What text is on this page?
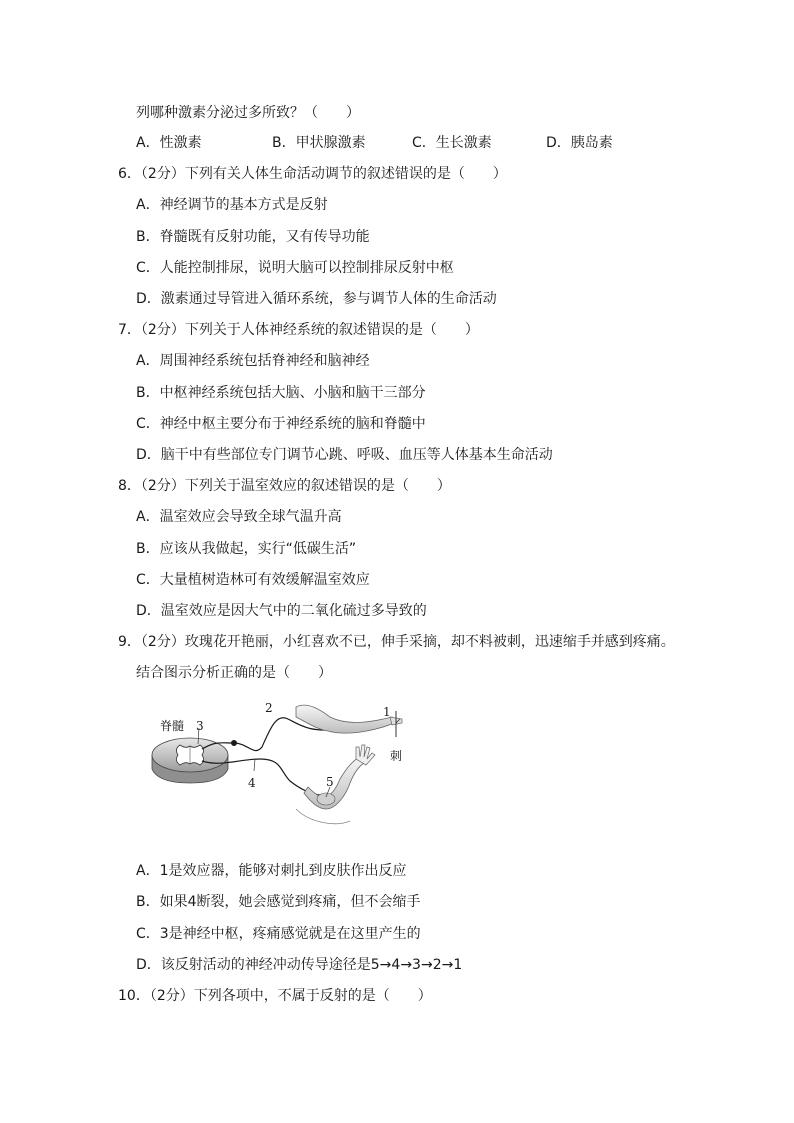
列哪种激素分泌过多所致？（　　）
A．性激素	B．甲状腺激素	C．生长激素	D．胰岛素
6．（2分）下列有关人体生命活动调节的叙述错误的是（　　）
A．神经调节的基本方式是反射
B．脊髓既有反射功能，又有传导功能
C．人能控制排尿，说明大脑可以控制排尿反射中枢
D．激素通过导管进入循环系统，参与调节人体的生命活动
7．（2分）下列关于人体神经系统的叙述错误的是（　　）
A．周围神经系统包括脊神经和脑神经
B．中枢神经系统包括大脑、小脑和脑干三部分
C．神经中枢主要分布于神经系统的脑和脊髓中
D．脑干中有些部位专门调节心跳、呼吸、血压等人体基本生命活动
8．（2分）下列关于温室效应的叙述错误的是（　　）
A．温室效应会导致全球气温升高
B．应该从我做起，实行“低碳生活”
C．大量植树造林可有效缓解温室效应
D．温室效应是因大气中的二氧化硫过多导致的
9．（2分）玫瑰花开艳丽，小红喜欢不已，伸手采摘，却不料被刺，迅速缩手并感到疼痛。
结合图示分析正确的是（　　）
脊髓 3
2	1
刺
4	5
A．1是效应器，能够对刺扎到皮肤作出反应
B．如果4断裂，她会感觉到疼痛，但不会缩手
C．3是神经中枢，疼痛感觉就是在这里产生的
D．该反射活动的神经冲动传导途径是5→4→3→2→1
10．（2分）下列各项中，不属于反射的是（　　）
